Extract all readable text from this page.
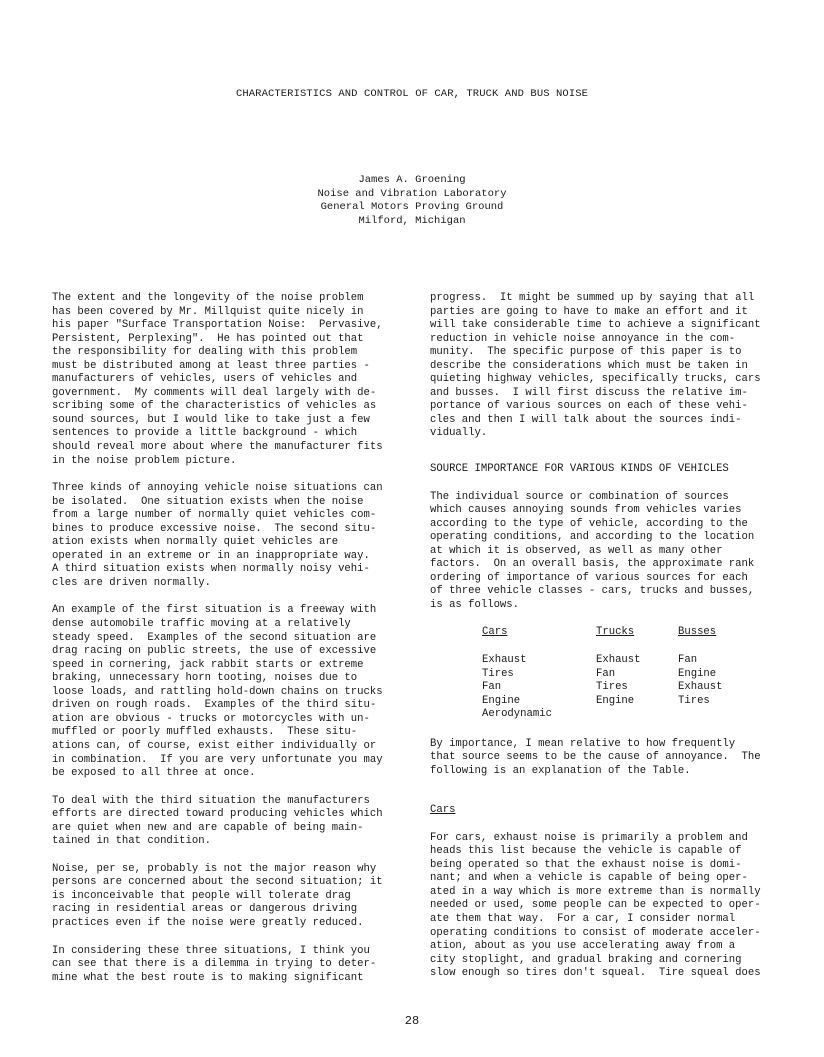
CHARACTERISTICS AND CONTROL OF CAR, TRUCK AND BUS NOISE
James A. Groening
Noise and Vibration Laboratory
General Motors Proving Ground
Milford, Michigan

The extent and the longevity of the noise problem
has been covered by Mr. Millquist quite nicely in
his paper "Surface Transportation Noise:  Pervasive,
Persistent, Perplexing".  He has pointed out that
the responsibility for dealing with this problem
must be distributed among at least three parties -
manufacturers of vehicles, users of vehicles and
government.  My comments will deal largely with de-
scribing some of the characteristics of vehicles as
sound sources, but I would like to take just a few
sentences to provide a little background - which
should reveal more about where the manufacturer fits
in the noise problem picture.

Three kinds of annoying vehicle noise situations can
be isolated.  One situation exists when the noise
from a large number of normally quiet vehicles com-
bines to produce excessive noise.  The second situ-
ation exists when normally quiet vehicles are
operated in an extreme or in an inappropriate way.
A third situation exists when normally noisy vehi-
cles are driven normally.

An example of the first situation is a freeway with
dense automobile traffic moving at a relatively
steady speed.  Examples of the second situation are
drag racing on public streets, the use of excessive
speed in cornering, jack rabbit starts or extreme
braking, unnecessary horn tooting, noises due to
loose loads, and rattling hold-down chains on trucks
driven on rough roads.  Examples of the third situ-
ation are obvious - trucks or motorcycles with un-
muffled or poorly muffled exhausts.  These situ-
ations can, of course, exist either individually or
in combination.  If you are very unfortunate you may
be exposed to all three at once.

To deal with the third situation the manufacturers
efforts are directed toward producing vehicles which
are quiet when new and are capable of being main-
tained in that condition.

Noise, per se, probably is not the major reason why
persons are concerned about the second situation; it
is inconceivable that people will tolerate drag
racing in residential areas or dangerous driving
practices even if the noise were greatly reduced.

In considering these three situations, I think you
can see that there is a dilemma in trying to deter-
mine what the best route is to making significant

progress.  It might be summed up by saying that all
parties are going to have to make an effort and it
will take considerable time to achieve a significant
reduction in vehicle noise annoyance in the com-
munity.  The specific purpose of this paper is to
describe the considerations which must be taken in
quieting highway vehicles, specifically trucks, cars
and busses.  I will first discuss the relative im-
portance of various sources on each of these vehi-
cles and then I will talk about the sources indi-
vidually.

SOURCE IMPORTANCE FOR VARIOUS KINDS OF VEHICLES

The individual source or combination of sources
which causes annoying sounds from vehicles varies
according to the type of vehicle, according to the
operating conditions, and according to the location
at which it is observed, as well as many other
factors.  On an overall basis, the approximate rank
ordering of importance of various sources for each
of three vehicle classes - cars, trucks and busses,
is as follows.

Cars	Trucks	Busses
Exhaust	Exhaust	Fan
Tires	Fan	Engine
Fan	Tires	Exhaust
Engine	Engine	Tires
Aerodynamic		

By importance, I mean relative to how frequently
that source seems to be the cause of annoyance.  The
following is an explanation of the Table.

Cars

For cars, exhaust noise is primarily a problem and
heads this list because the vehicle is capable of
being operated so that the exhaust noise is domi-
nant; and when a vehicle is capable of being oper-
ated in a way which is more extreme than is normally
needed or used, some people can be expected to oper-
ate them that way.  For a car, I consider normal
operating conditions to consist of moderate acceler-
ation, about as you use accelerating away from a
city stoplight, and gradual braking and cornering
slow enough so tires don't squeal.  Tire squeal does

28
